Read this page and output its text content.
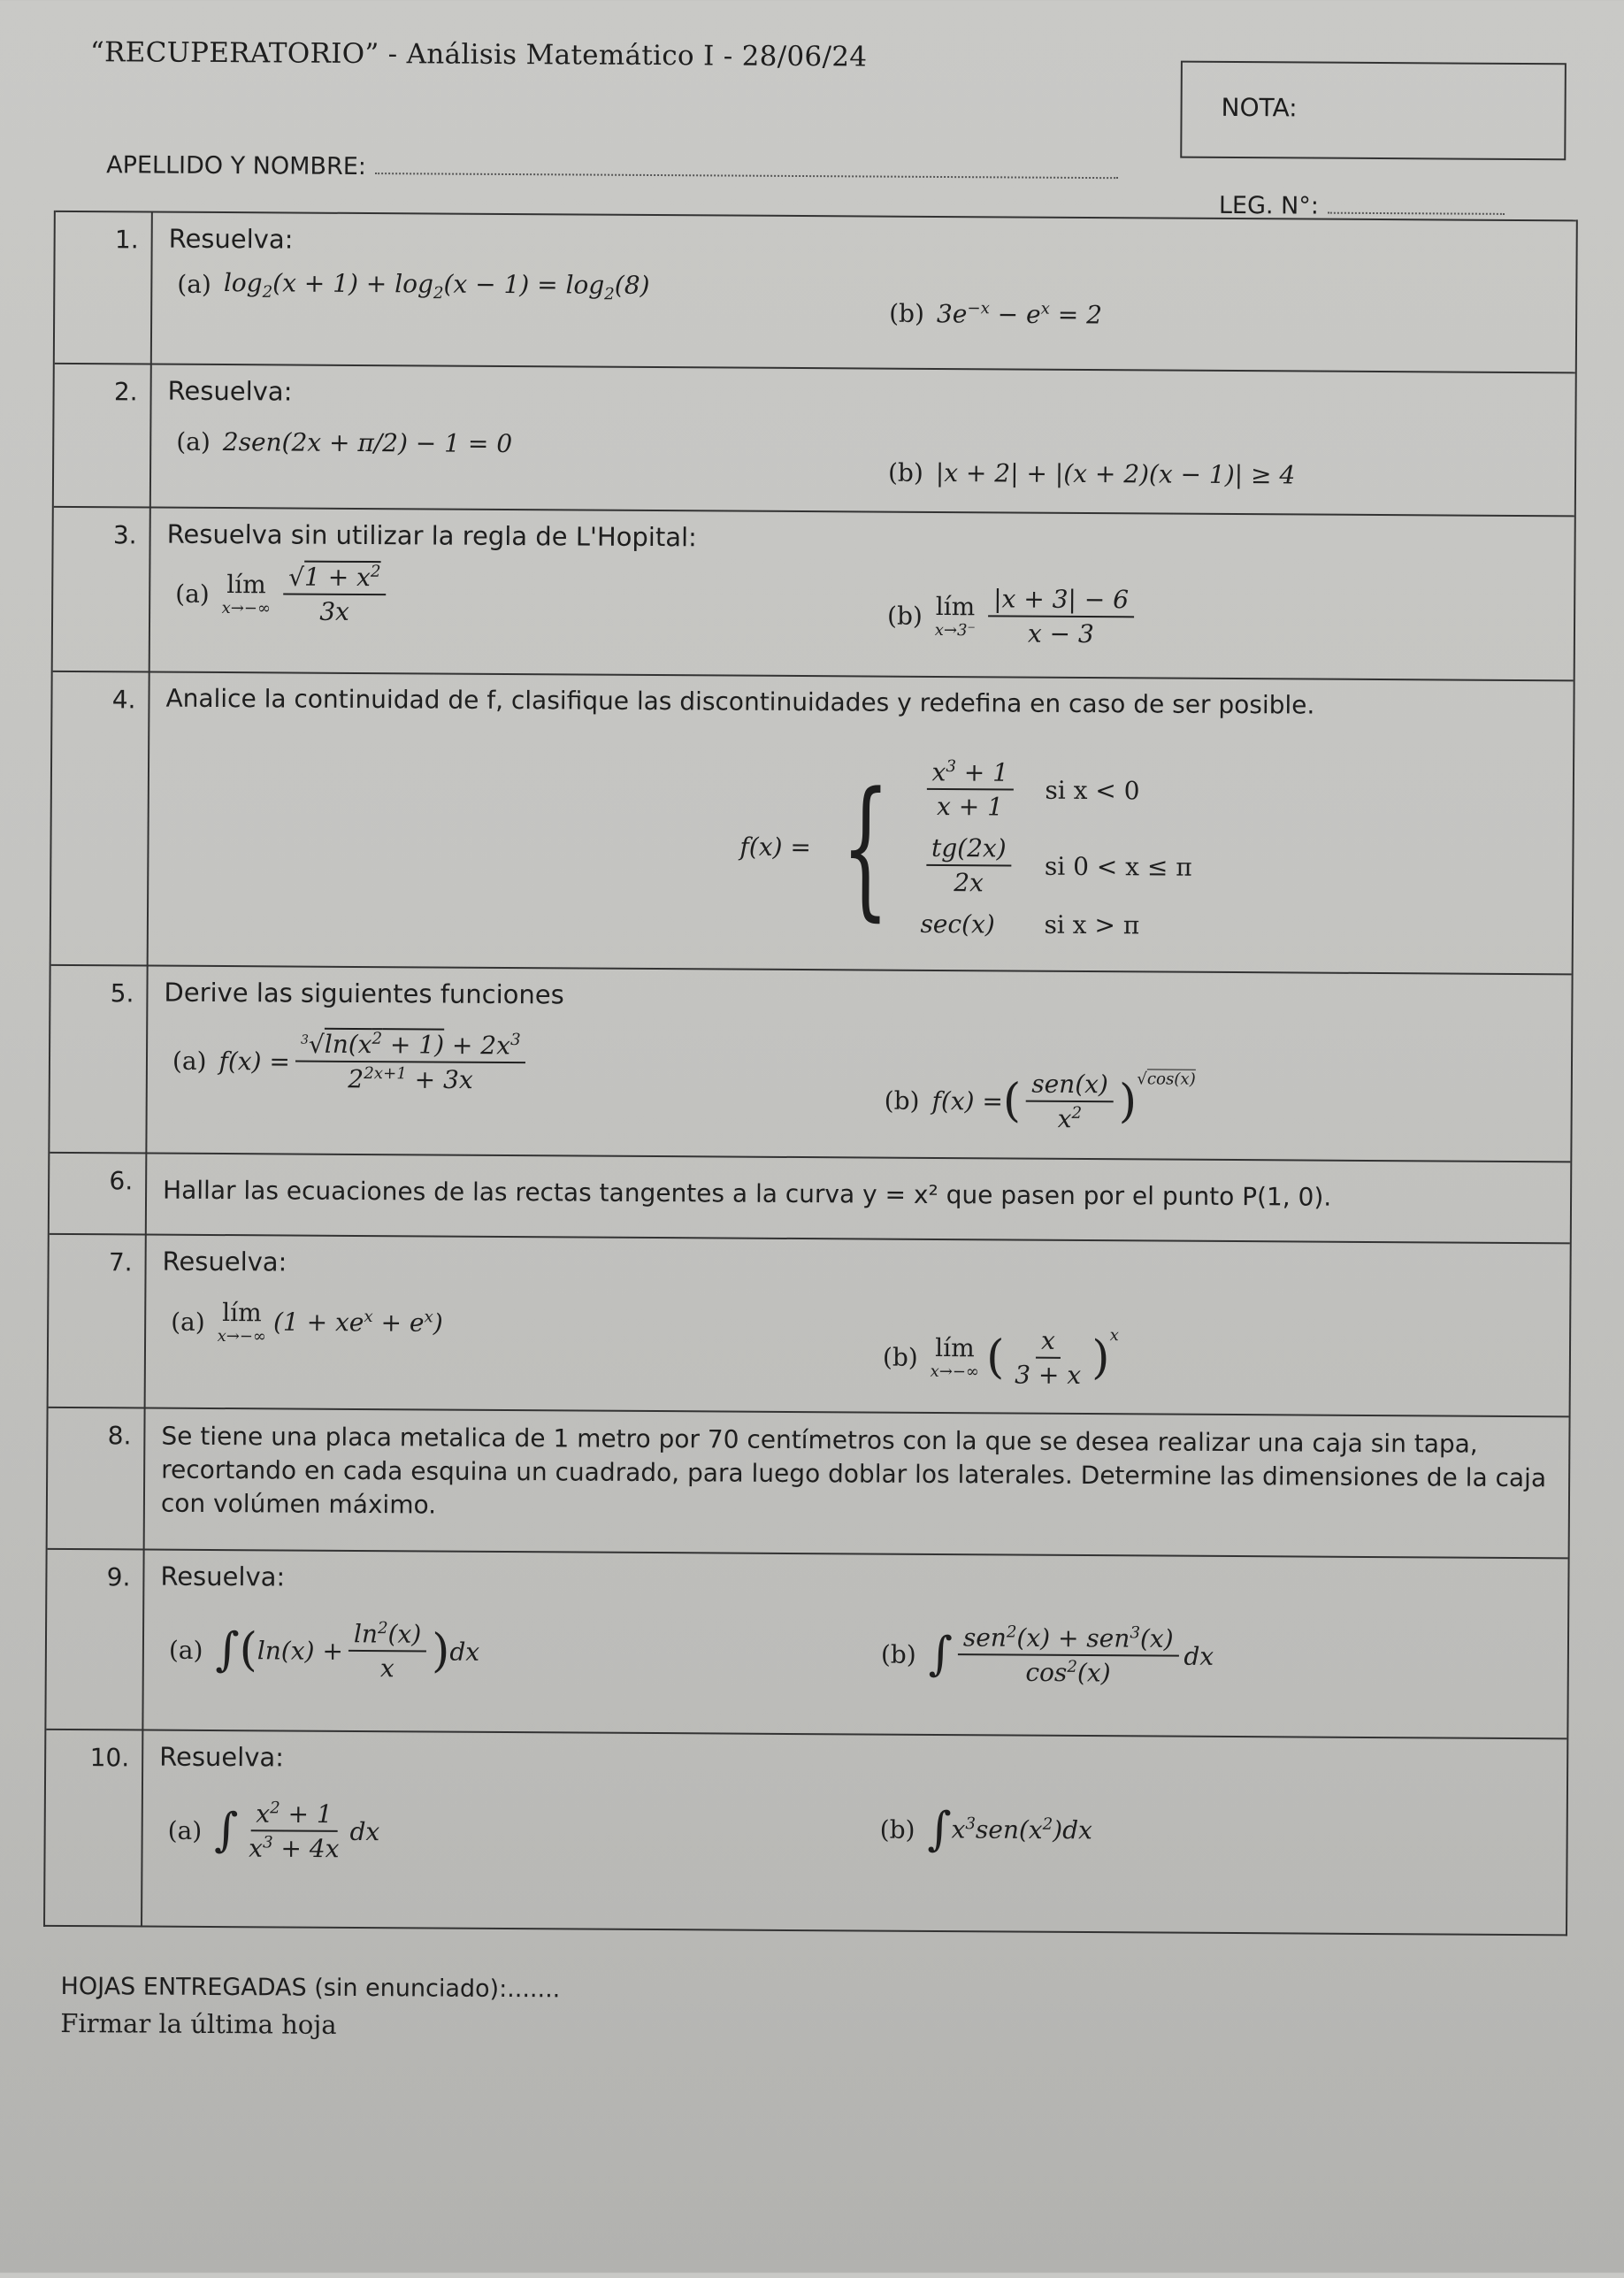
“RECUPERATORIO” - Análisis Matemático I - 28/06/24
NOTA:
APELLIDO Y NOMBRE:
LEG. N°:
1.	Resuelva:
(a) $\log_2(x + 1) + \log_2(x - 1) = \log_2(8)$
(b) $3e^{-x} - e^x = 2$
2.	Resuelva:
(a) 2sen(2x + π/2) − 1 = 0
(b) |x + 2| + |(x + 2)(x − 1)| ≥ 4
3.	Resuelva sin utilizar la regla de L'Hopital:
(a) lím
$x\to-\infty \frac{√1 + x^2}{3x}$	(b) lím
$x\to 3^- \frac{|x + 3| - 6}{x - 3}$
4.	Analice la continuidad de f, clasifique las discontinuidades y redefina en caso de ser posible.
f(x) = { $\frac{x^3 + 1}{x + 1}$ si x < 0
$\frac{tg(2x)}{2x}$ si 0 < x ≤ π
sec(x)	si x > π
5.	Derive las siguientes funciones
(a) $f(x) = \frac{^3√\ln(x^2 + 1) + 2x^3}{2^{2x+1} + 3x}$
(b) f(x) = ( $\frac{\text{sen(x)}}{x^2} )^{√cos(x)}$
6.	Hallar las ecuaciones de las rectas tangentes a la curva y = x² que pasen por el punto P(1, 0).
7.	Resuelva:
(a) lím
x→−∞ $(1 + xe^x + e^x)$
(b) lím
x→−∞ ( $\frac{x}{3 + x} )^x$
8.	Se tiene una placa metalica de 1 metro por 70 centímetros con la que se desea realizar una caja sin tapa, recortando en cada esquina un cuadrado, para luego doblar los laterales. Determine las dimensiones de la caja con volúmen máximo.
9.	Resuelva:
(a) ∫ ( $\ln(x) + \frac{\ln^2(x)}{x}$ ) dx	(b) ∫ $\frac{sen^2(x) + sen^3(x)}{\cos^2(x)}$ dx
10.	Resuelva:
(a) ∫ $\frac{x^2 + 1}{x^3 + 4x}$ dx	(b) ∫ $x^3sen(x^2)dx$
HOJAS ENTREGADAS (sin enunciado):.......
Firmar la última hoja
